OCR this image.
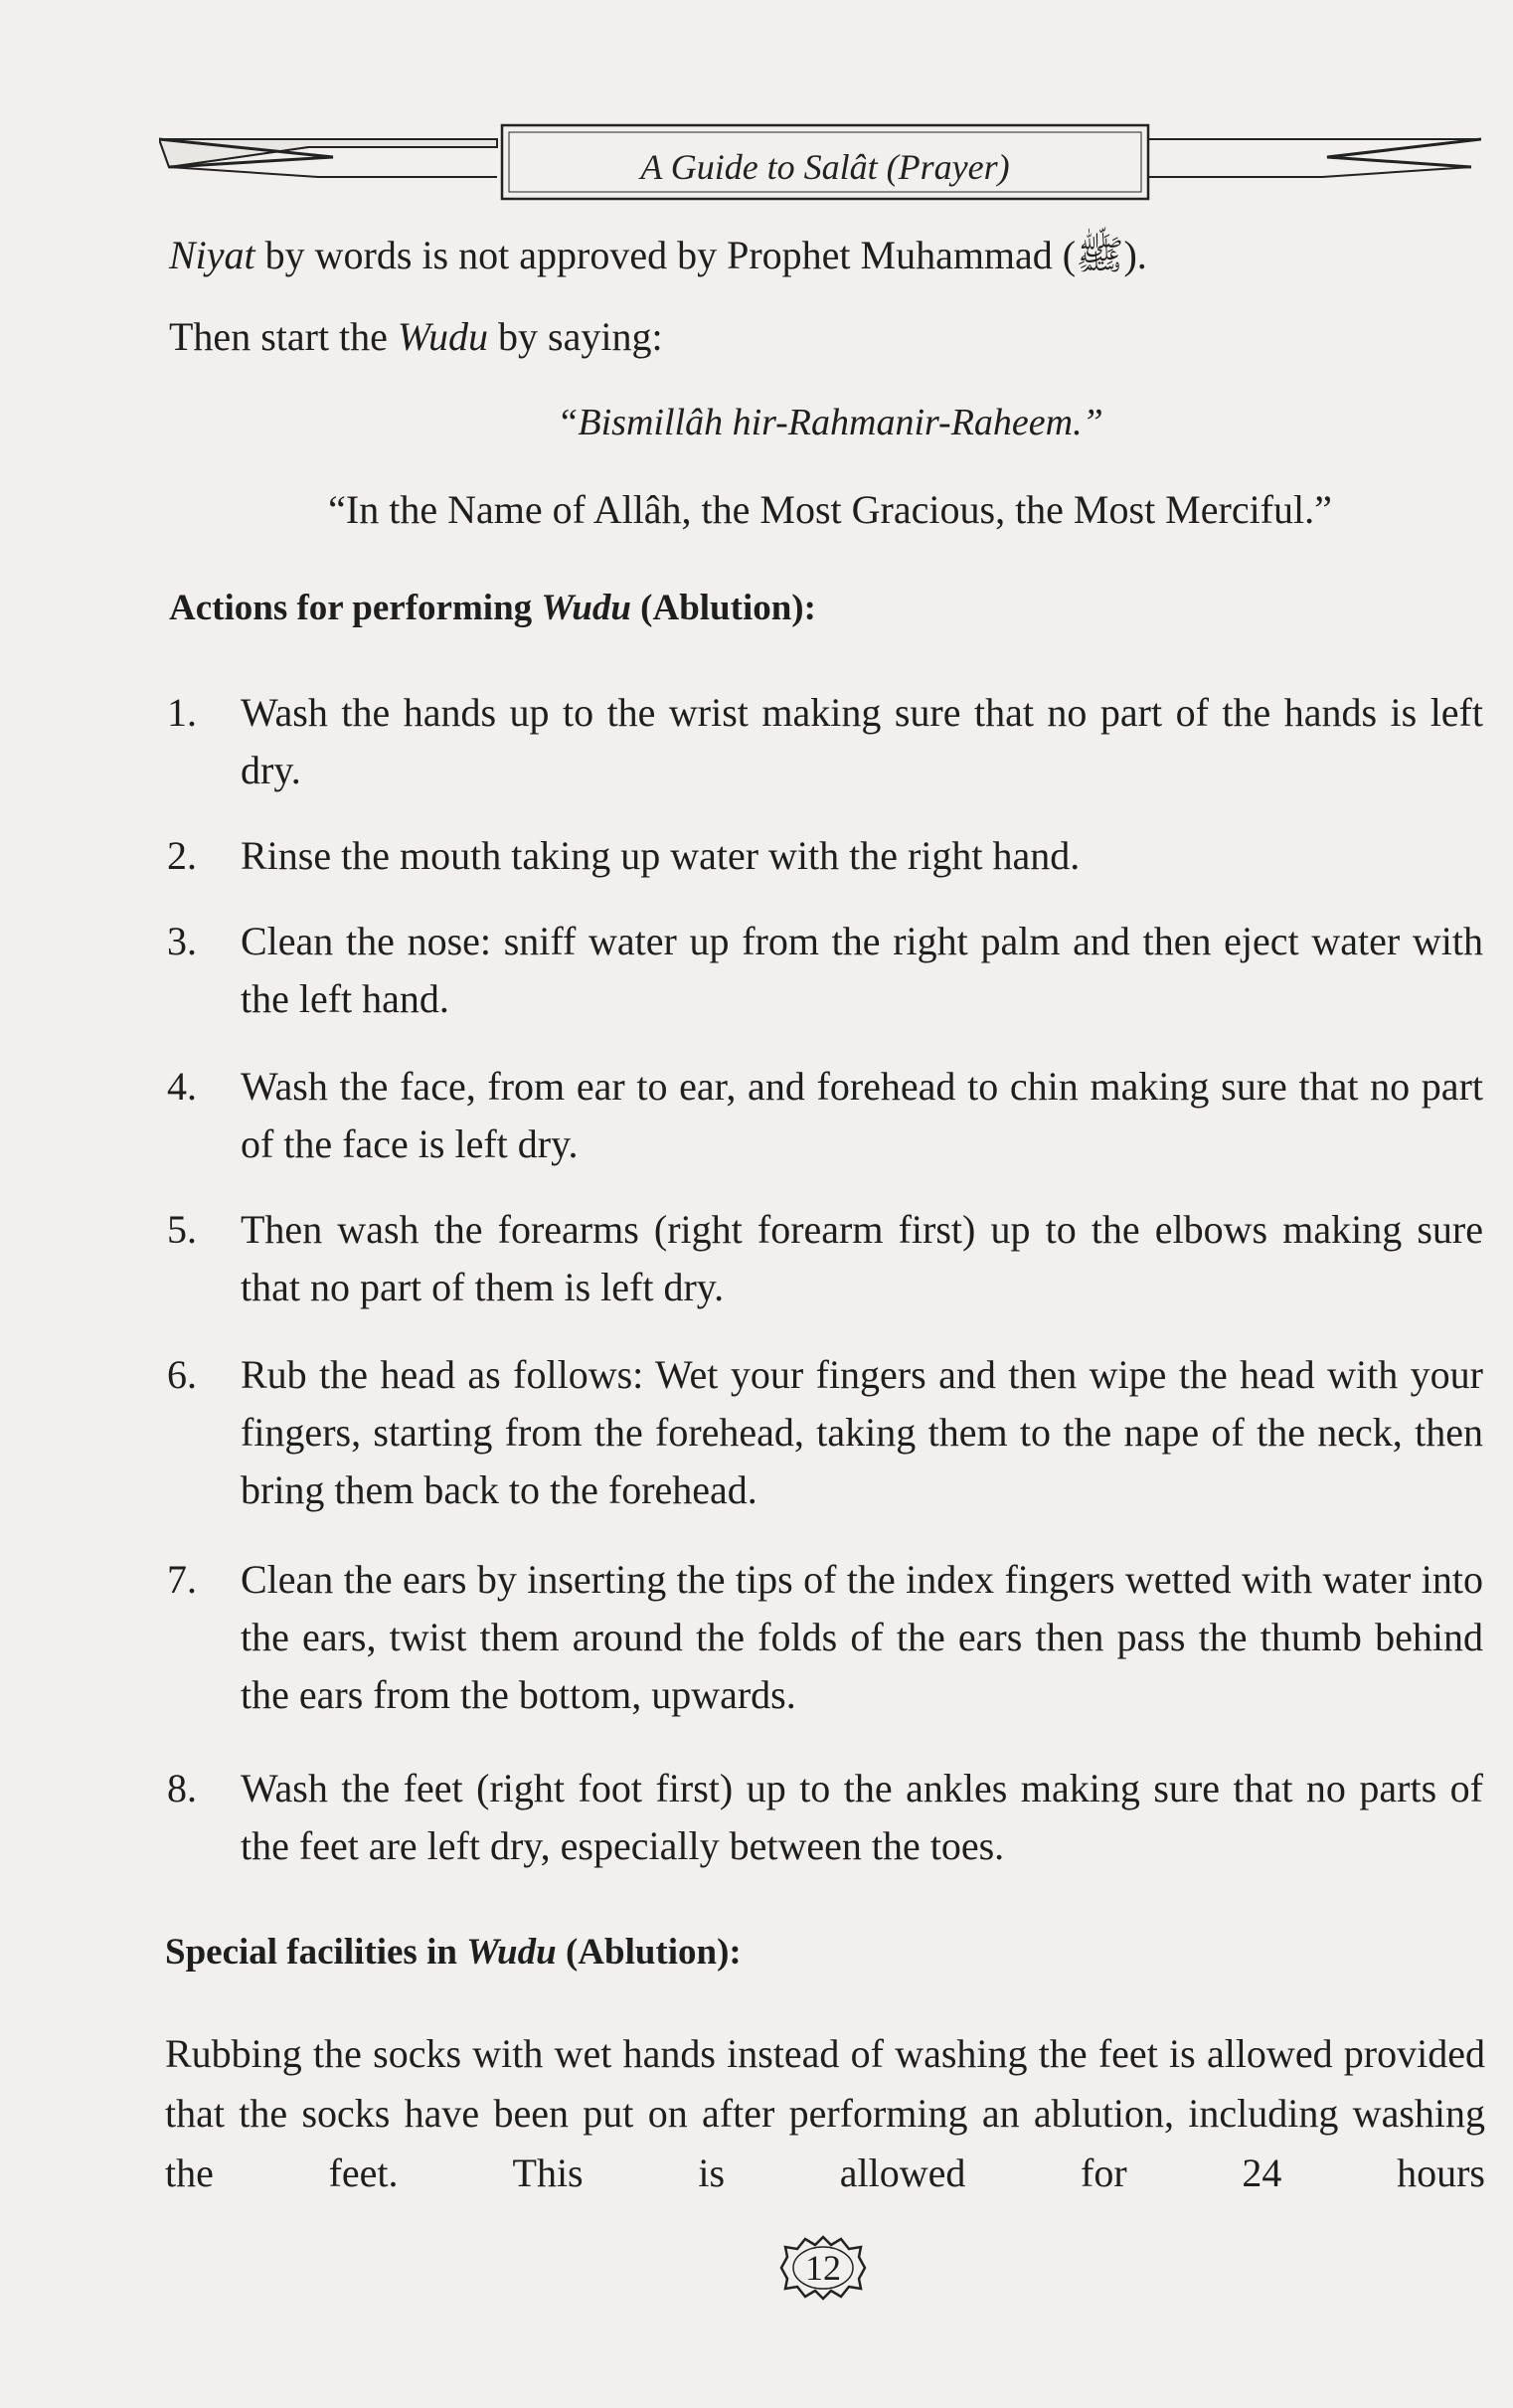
A Guide to Salât (Prayer)
Niyat by words is not approved by Prophet Muhammad (ﷺ).
Then start the Wudu by saying:
“Bismillâh hir-Rahmanir-Raheem.”
“In the Name of Allâh, the Most Gracious, the Most Merciful.”
Actions for performing Wudu (Ablution):
1. Wash the hands up to the wrist making sure that no part of the hands is left dry.
2. Rinse the mouth taking up water with the right hand.
3. Clean the nose: sniff water up from the right palm and then eject water with the left hand.
4. Wash the face, from ear to ear, and forehead to chin making sure that no part of the face is left dry.
5. Then wash the forearms (right forearm first) up to the elbows making sure that no part of them is left dry.
6. Rub the head as follows: Wet your fingers and then wipe the head with your fingers, starting from the forehead, taking them to the nape of the neck, then bring them back to the forehead.
7. Clean the ears by inserting the tips of the index fingers wetted with water into the ears, twist them around the folds of the ears then pass the thumb behind the ears from the bottom, upwards.
8. Wash the feet (right foot first) up to the ankles making sure that no parts of the feet are left dry, especially between the toes.
Special facilities in Wudu (Ablution):
Rubbing the socks with wet hands instead of washing the feet is allowed provided that the socks have been put on after performing an ablution, including washing the feet. This is allowed for 24 hours
12
